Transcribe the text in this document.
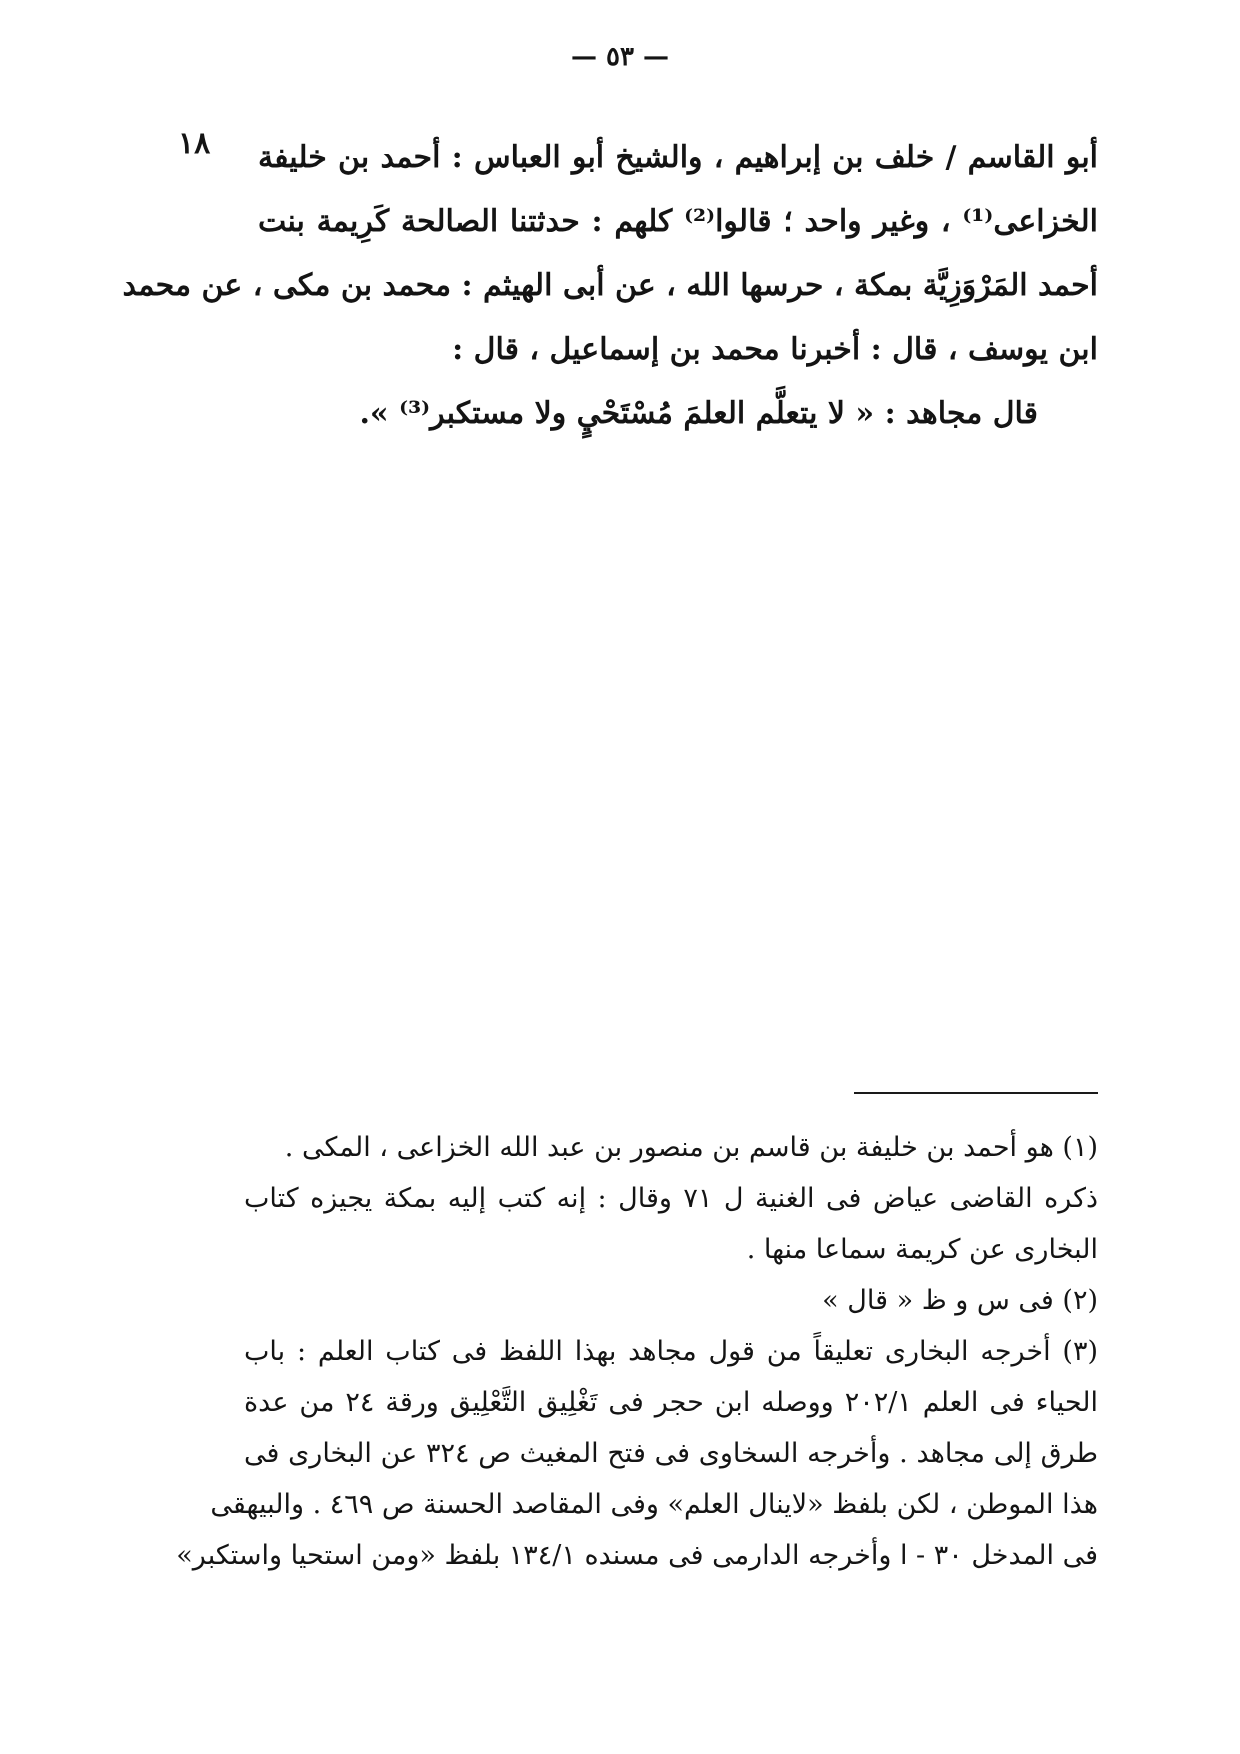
— ٥٣ —
١٨	أبو القاسم / خلف بن إبراهيم ، والشيخ أبو العباس : أحمد بن خليفة
الخزاعى⁽¹⁾ ، وغير واحد ؛ قالوا⁽²⁾ كلهم : حدثتنا الصالحة كَرِيمة بنت
أحمد المَرْوَزِيَّة بمكة ، حرسها الله ، عن أبى الهيثم : محمد بن مكى ، عن محمد
ابن يوسف ، قال : أخبرنا محمد بن إسماعيل ، قال :
قال مجاهد : « لا يتعلَّم العلمَ مُسْتَحْيٍ ولا مستكبر⁽³⁾ ».
(١) هو أحمد بن خليفة بن قاسم بن منصور بن عبد الله الخزاعى ، المكى .
ذكره القاضى عياض فى الغنية ل ٧١ وقال : إنه كتب إليه بمكة يجيزه كتاب
البخارى عن كريمة سماعا منها .
(٢) فى س و ظ « قال »
(٣) أخرجه البخارى تعليقاً من قول مجاهد بهذا اللفظ فى كتاب العلم : باب
الحياء فى العلم ٢٠٢/١ ووصله ابن حجر فى تَغْلِيق التَّعْلِيق ورقة ٢٤ من عدة
طرق إلى مجاهد . وأخرجه السخاوى فى فتح المغيث ص ٣٢٤ عن البخارى فى
هذا الموطن ، لكن بلفظ «لاينال العلم» وفى المقاصد الحسنة ص ٤٦٩ . والبيهقى
فى المدخل ٣٠ - ا وأخرجه الدارمى فى مسنده ١٣٤/١ بلفظ «ومن استحيا واستكبر»
